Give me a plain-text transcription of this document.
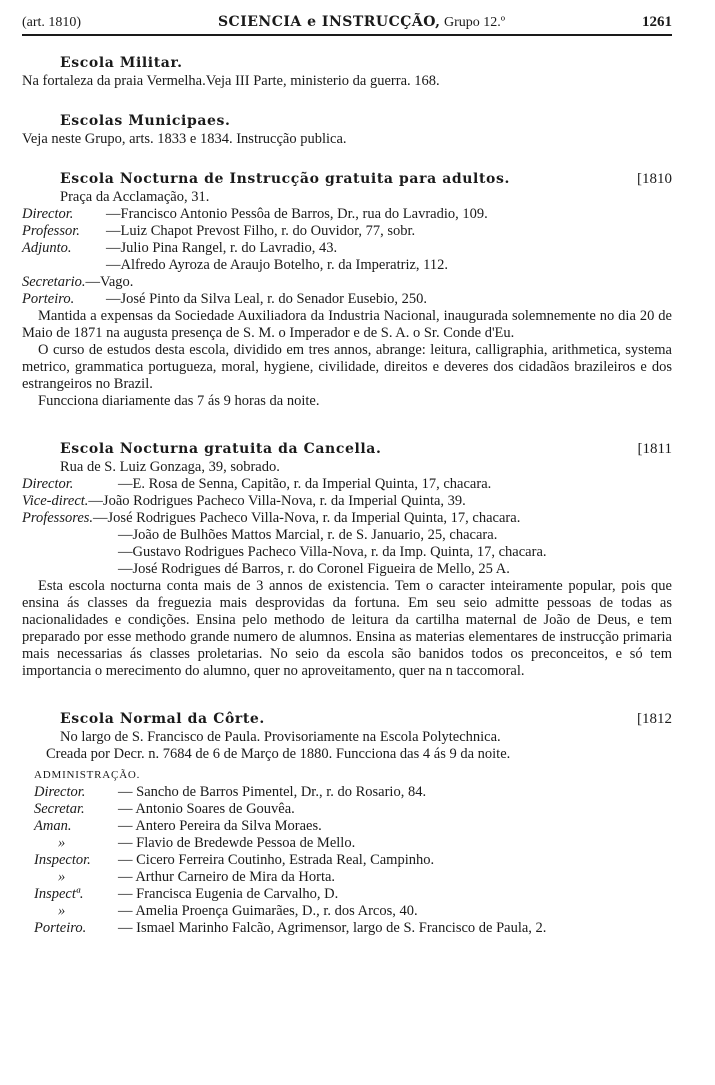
(art. 1810)	SCIENCIA e INSTRUCÇÃO, Grupo 12.º	1261
Escola Militar.
Na fortaleza da praia Vermelha.Veja III Parte, ministerio da guerra. 168.
Escolas Municipaes.
Veja neste Grupo, arts. 1833 e 1834. Instrucção publica.
Escola Nocturna de Instrucção gratuita para adultos.	[1810
Praça da Acclamação, 31.
Director. —Francisco Antonio Pessôa de Barros, Dr., rua do Lavradio, 109.
Professor. —Luiz Chapot Prevost Filho, r. do Ouvidor, 77, sobr.
Adjunto. —Julio Pina Rangel, r. do Lavradio, 43.
—Alfredo Ayroza de Araujo Botelho, r. da Imperatriz, 112.
Secretario.—Vago.
Porteiro. —José Pinto da Silva Leal, r. do Senador Eusebio, 250.
Mantida a expensas da Sociedade Auxiliadora da Industria Nacional, inaugurada solemnemente no dia 20 de Maio de 1871 na augusta presença de S. M. o Imperador e de S. A. o Sr. Conde d'Eu.
O curso de estudos desta escola, dividido em tres annos, abrange: leitura, calligraphia, arithmetica, systema metrico, grammatica portugueza, moral, hygiene, civilidade, direitos e deveres dos cidadãos brazileiros e dos estrangeiros no Brazil.
Funcciona diariamente das 7 ás 9 horas da noite.
Escola Nocturna gratuita da Cancella.	[1811
Rua de S. Luiz Gonzaga, 39, sobrado.
Director.	—E. Rosa de Senna, Capitão, r. da Imperial Quinta, 17, chacara.
Vice-direct.—João Rodrigues Pacheco Villa-Nova, r. da Imperial Quinta, 39.
Professores.—José Rodrigues Pacheco Villa-Nova, r. da Imperial Quinta, 17, chacara.
—João de Bulhões Mattos Marcial, r. de S. Januario, 25, chacara.
—Gustavo Rodrigues Pacheco Villa-Nova, r. da Imp. Quinta, 17, chacara.
—José Rodrigues dé Barros, r. do Coronel Figueira de Mello, 25 A.
Esta escola nocturna conta mais de 3 annos de existencia. Tem o caracter inteiramente popular, pois que ensina ás classes da freguezia mais desprovidas da fortuna. Em seu seio admitte pessoas de todas as nacionalidades e condições. Ensina pelo methodo de leitura da cartilha maternal de João de Deus, e tem preparado por esse methodo grande numero de alumnos. Ensina as materias elementares de instrucção primaria mais necessarias ás classes proletarias. No seio da escola são banidos todos os preconceitos, e só tem importancia o merecimento do alumno, quer no aproveitamento, quer na n taccomoral.
Escola Normal da Côrte.	[1812
No largo de S. Francisco de Paula. Provisoriamente na Escola Polytechnica.
Creada por Decr. n. 7684 de 6 de Março de 1880. Funcciona das 4 ás 9 da noite.
ADMINISTRAÇÃO.
Director. — Sancho de Barros Pimentel, Dr., r. do Rosario, 84.
Secretar. — Antonio Soares de Gouvêa.
Aman.	— Antero Pereira da Silva Moraes.
»	— Flavio de Bredewde Pessoa de Mello.
Inspector. — Cicero Ferreira Coutinho, Estrada Real, Campinho.
»	— Arthur Carneiro de Mira da Horta.
Inspectª. — Francisca Eugenia de Carvalho, D.
»	— Amelia Proença Guimarães, D., r. dos Arcos, 40.
Porteiro. — Ismael Marinho Falcão, Agrimensor, largo de S. Francisco de Paula, 2.
